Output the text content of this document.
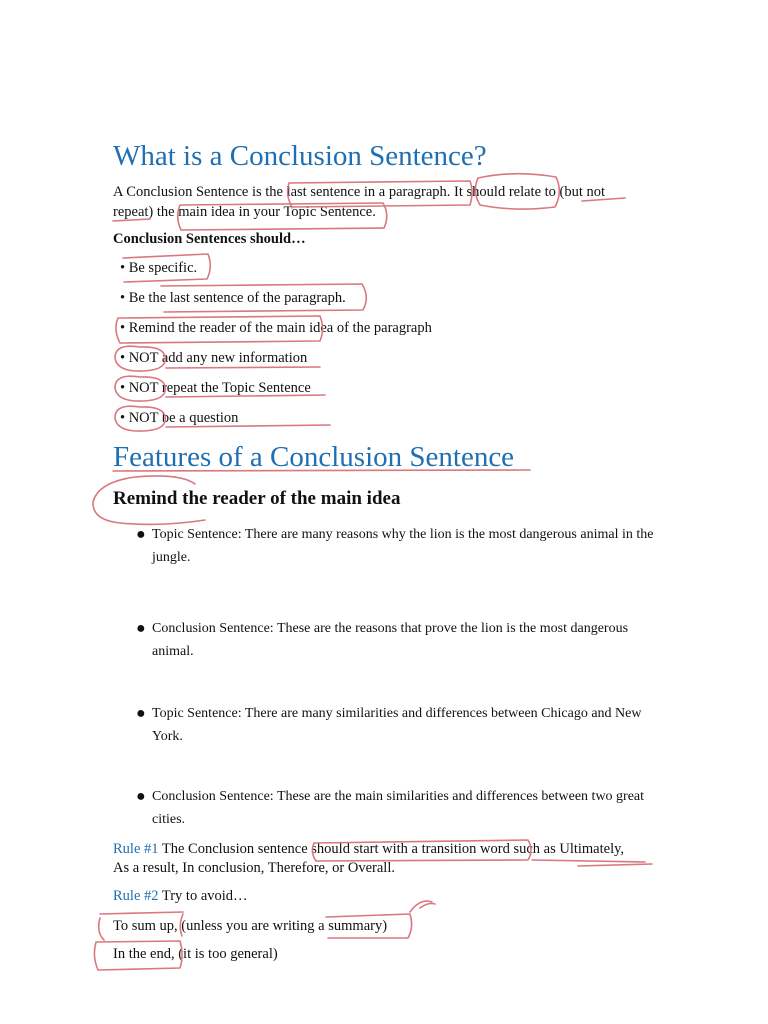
What is a Conclusion Sentence?
A Conclusion Sentence is the last sentence in a paragraph. It should relate to (but not
repeat) the main idea in your Topic Sentence.
Conclusion Sentences should…
• Be specific.
• Be the last sentence of the paragraph.
• Remind the reader of the main idea of the paragraph
• NOT add any new information
• NOT repeat the Topic Sentence
• NOT be a question
Features of a Conclusion Sentence
Remind the reader of the main idea
● Topic Sentence: There are many reasons why the lion is the most dangerous animal in the jungle.
● Conclusion Sentence: These are the reasons that prove the lion is the most dangerous animal.
● Topic Sentence: There are many similarities and differences between Chicago and New York.
● Conclusion Sentence: These are the main similarities and differences between two great cities.
Rule #1 The Conclusion sentence should start with a transition word such as Ultimately,
As a result, In conclusion, Therefore, or Overall.
Rule #2 Try to avoid…
To sum up, (unless you are writing a summary)
In the end, (it is too general)
